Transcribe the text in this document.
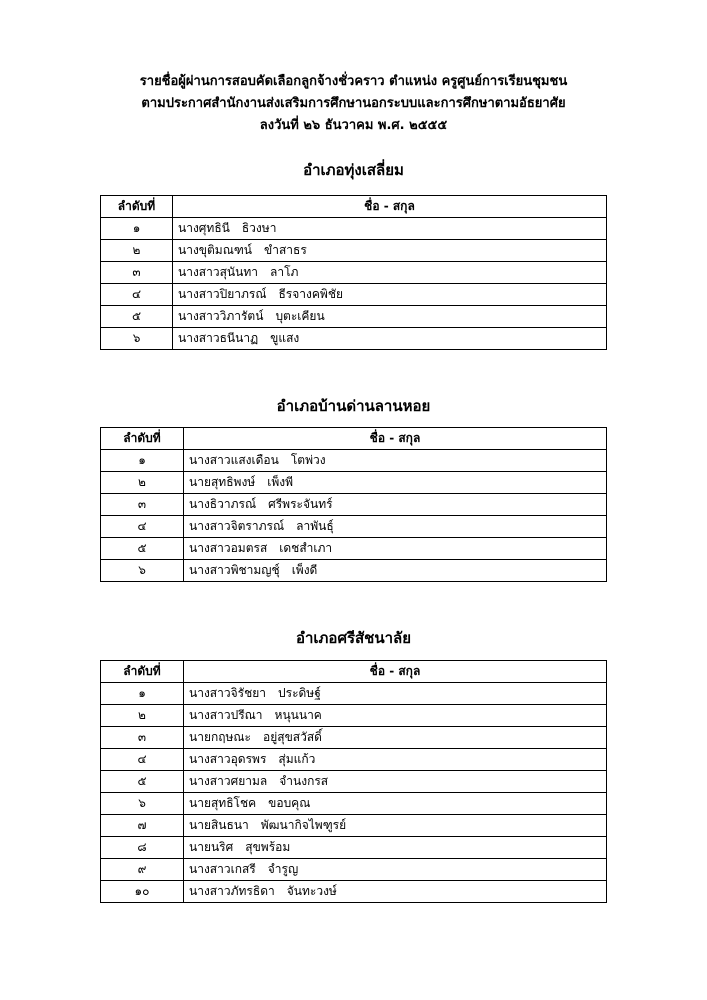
รายชื่อผู้ผ่านการสอบคัดเลือกลูกจ้างชั่วคราว ตำแหน่ง ครูศูนย์การเรียนชุมชน
ตามประกาศสำนักงานส่งเสริมการศึกษานอกระบบและการศึกษาตามอัธยาศัย
ลงวันที่ ๒๖ ธันวาคม พ.ศ. ๒๕๕๕
อำเภอทุ่งเสลี่ยม
ลำดับที่	ชื่อ - สกุล
๑	นางศุทธินี ธิวงษา
๒	นางขุติมณฑน์ ขำสาธร
๓	นางสาวสุนันทา ลาโภ
๔	นางสาวปิยาภรณ์ ธีรจางคพิชัย
๕	นางสาววิภารัตน์ บุตะเคียน
๖	นางสาวธนีนาฏ ขูแสง
อำเภอบ้านด่านลานหอย
ลำดับที่	ชื่อ - สกุล
๑	นางสาวแสงเดือน โตพ่วง
๒	นายสุทธิพงษ์ เพ็งพี
๓	นางธิวาภรณ์ ศรีพระจันทร์
๔	นางสาวจิตราภรณ์ ลาพันธุ์
๕	นางสาวอมตรส เดชสำเภา
๖	นางสาวพิชามญชุ์ เพ็งดี
อำเภอศรีสัชนาลัย
ลำดับที่	ชื่อ - สกุล
๑	นางสาวจิรัชยา ประดิษฐ์
๒	นางสาวปรีณา หนุนนาค
๓	นายกฤษณะ อยู่สุขสวัสดิ์
๔	นางสาวอุดรพร สุ่มแก้ว
๕	นางสาวศยามล จำนงกรส
๖	นายสุทธิโชค ขอบคุณ
๗	นายสินธนา พัฒนากิจไพฑูรย์
๘	นายนริศ สุขพร้อม
๙	นางสาวเกสรี จำรูญ
๑๐	นางสาวภัทรธิดา จันทะวงษ์
